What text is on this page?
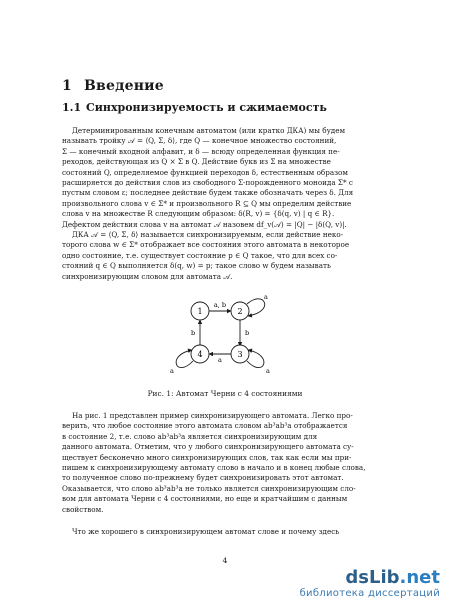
1 Введение
1.1 Синхронизируемость и сжимаемость
Детерминированным конечным автоматом (или кратко ДКА) мы будем
называть тройку 𝒜 = ⟨Q, Σ, δ⟩, где Q — конечное множество состояний,
Σ — конечный входной алфавит, и δ — всюду определенная функция пе-
реходов, действующая из Q × Σ в Q. Действие букв из Σ на множестве
состояний Q, определяемое функцией переходов δ, естественным образом
расширяется до действия слов из свободного Σ-порожденного моноида Σ* с
пустым словом ε; последнее действие будем также обозначать через δ. Для
произвольного слова v ∈ Σ* и произвольного R ⊆ Q мы определим действие
слова v на множестве R следующим образом: δ(R, v) = {δ(q, v) | q ∈ R}.
Дефектом действия слова v на автомат 𝒜 назовем df_v(𝒜) = |Q| − |δ(Q, v)|.
ДКА 𝒜 = ⟨Q, Σ, δ⟩ называется синхронизируемым, если действие неко-
торого слова w ∈ Σ* отображает все состояния этого автомата в некоторое
одно состояние, т.е. существует состояние p ∈ Q такое, что для всех со-
стояний q ∈ Q выполняется δ(q, w) = p; такое слово w будем называть
синхронизирующим словом для автомата 𝒜.
1	2
3
4
a, b
b
a
b
a
a
a
Рис. 1: Автомат Черни с 4 состояниями
На рис. 1 представлен пример синхронизирующего автомата. Легко про-
верить, что любое состояние этого автомата словом ab³ab³a отображается
в состояние 2, т.е. слово ab³ab³a является синхронизирующим для
данного автомата. Отметим, что у любого синхронизирующего автомата су-
ществует бесконечно много синхронизирующих слов, так как если мы при-
пишем к синхронизирующему автомату слово в начало и в конец любые слова,
то полученное слово по-прежнему будет синхронизировать этот автомат.
Оказывается, что слово ab³ab³a не только является синхронизирующим сло-
вом для автомата Черни с 4 состояниями, но еще и кратчайшим с данным
свойством.
Что же хорошего в синхронизирующем автомат слове и почему здесь
4
dsLib.net
библиотека диссертаций
